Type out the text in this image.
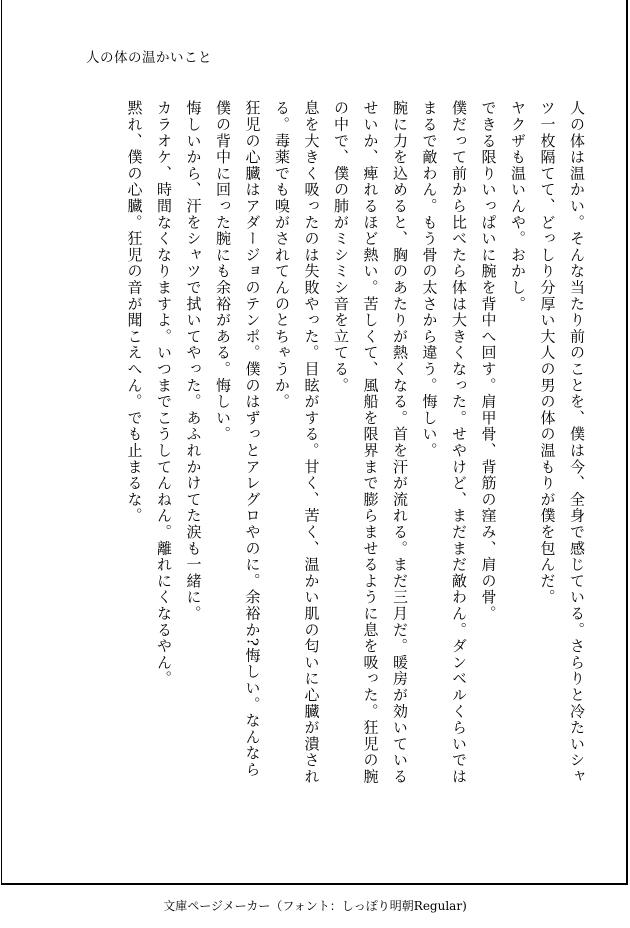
人の体の温かいこと

人の体は温かい。そんな当たり前のことを、僕は今、全身で感じている。さらりと冷たいシャツ一枚隔てて、どっしり分厚い大人の男の体の温もりが僕を包んだ。

ヤクザも温いんや。おかし。

できる限りいっぱいに腕を背中へ回す。肩甲骨、背筋の窪み、肩の骨。

僕だって前から比べたら体は大きくなった。せやけど、まだまだ敵わん。ダンベルくらいではまるで敵わん。もう骨の太さから違う。悔しい。

腕に力を込めると、胸のあたりが熱くなる。首を汗が流れる。まだ三月だ。暖房が効いているせいか、痺れるほど熱い。苦しくて、風船を限界まで膨らませるように息を吸った。狂児の腕の中で、僕の肺がミシミシ音を立てる。

息を大きく吸ったのは失敗やった。目眩がする。甘く、苦く、温かい肌の匂いに心臓が潰される。毒薬でも嗅がされてんのとちゃうか。

狂児の心臓はアダージョのテンポ。僕のはずっとアレグロやのに。余裕か?悔しい。なんなら僕の背中に回った腕にも余裕がある。悔しい。

悔しいから、汗をシャツで拭いてやった。あふれかけてた涙も一緒に。

カラオケ、時間なくなりますよ。いつまでこうしてんねん。離れにくなるやん。

黙れ、僕の心臓。狂児の音が聞こえへん。でも止まるな。

文庫ページメーカー（フォント：しっぽり明朝Regular)
